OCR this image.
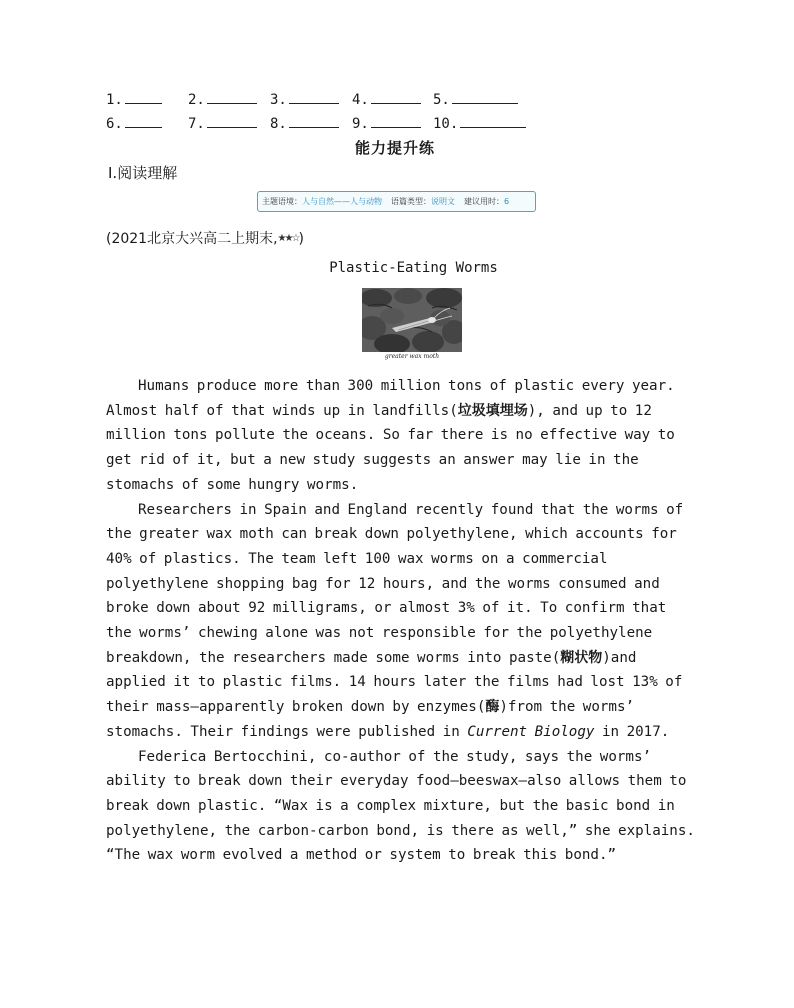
1.	2.	3.	4.	5.
6.	7.	8.	9.	10.
能力提升练
Ⅰ.阅读理解
主题语境： 人与自然——人与动物 语篇类型： 说明文 建议用时： 6
(2021北京大兴高二上期末,★★☆)
Plastic-Eating Worms
greater wax moth

Humans produce more than 300 million tons of plastic every year. Almost half of that winds up in landfills(垃圾填埋场), and up to 12 million tons pollute the oceans. So far there is no effective way to get rid of it, but a new study suggests an answer may lie in the stomachs of some hungry worms.

Researchers in Spain and England recently found that the worms of the greater wax moth can break down polyethylene, which accounts for 40% of plastics. The team left 100 wax worms on a commercial polyethylene shopping bag for 12 hours, and the worms consumed and broke down about 92 milligrams, or almost 3% of it. To confirm that the worms’ chewing alone was not responsible for the polyethylene breakdown, the researchers made some worms into paste(糊状物)and applied it to plastic films. 14 hours later the films had lost 13% of their mass—apparently broken down by enzymes(酶)from the worms’ stomachs. Their findings were published in Current Biology in 2017.

Federica Bertocchini, co-author of the study, says the worms’ ability to break down their everyday food—beeswax—also allows them to break down plastic. “Wax is a complex mixture, but the basic bond in polyethylene, the carbon-carbon bond, is there as well,” she explains. “The wax worm evolved a method or system to break this bond.”
